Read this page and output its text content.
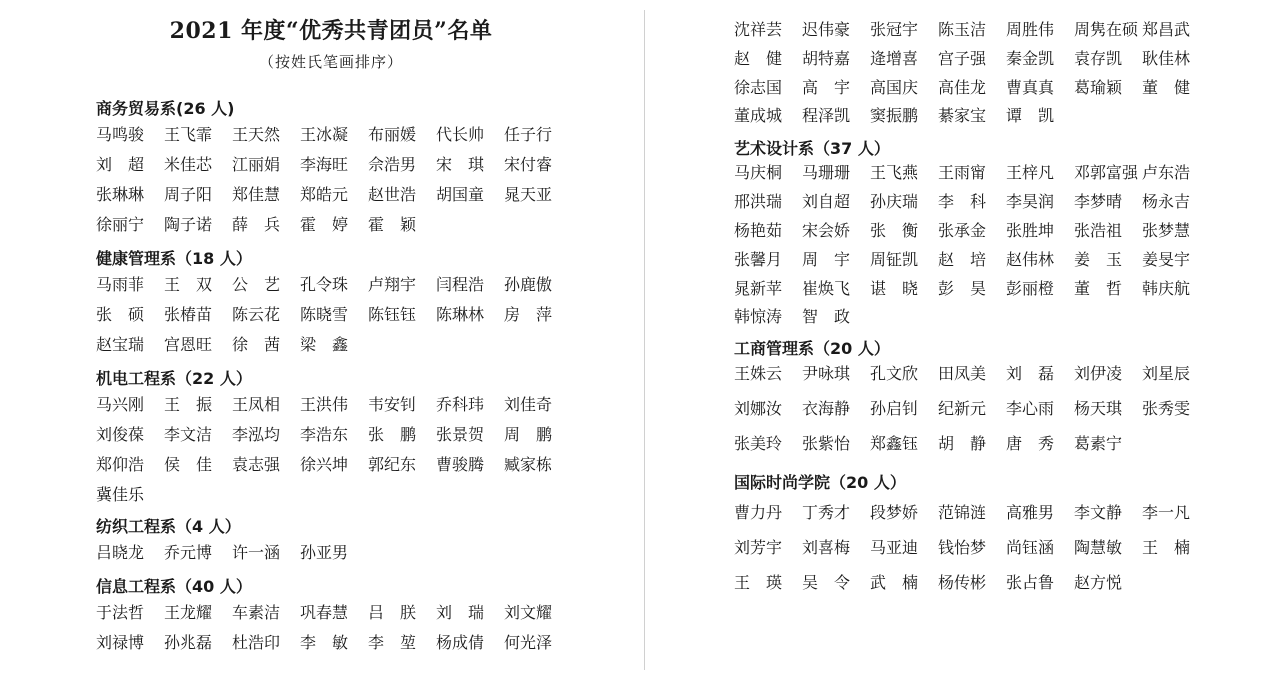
2021 年度“优秀共青团员”名单
（按姓氏笔画排序）
商务贸易系(26 人)
马鸣骏 王飞霏 王天然 王冰凝 布丽媛 代长帅 任子行
刘　超 米佳芯 江丽娟 李海旺 佘浩男 宋　琪 宋付睿
张琳琳 周子阳 郑佳慧 郑皓元 赵世浩 胡国童 晁天亚
徐丽宁 陶子诺 薛　兵 霍　婷 霍　颖
健康管理系（18 人）
马雨菲 王　双 公　艺 孔令珠 卢翔宇 闫程浩 孙鹿傲
张　硕 张椿苗 陈云花 陈晓雪 陈钰钰 陈琳林 房　萍
赵宝瑞 宫恩旺 徐　茜 梁　鑫
机电工程系（22 人）
马兴刚 王　振 王凤相 王洪伟 韦安钊 乔科玮 刘佳奇
刘俊葆 李文洁 李泓均 李浩东 张　鹏 张景贺 周　鹏
郑仰浩 侯　佳 袁志强 徐兴坤 郭纪东 曹骏腾 臧家栋
冀佳乐
纺织工程系（4 人）
吕晓龙 乔元博 许一涵 孙亚男
信息工程系（40 人）
于法哲 王龙耀 车素洁 巩春慧 吕　朕 刘　瑞 刘文耀
刘禄博 孙兆磊 杜浩印 李　敏 李　堃 杨成倩 何光泽
沈祥芸 迟伟豪 张冠宇 陈玉洁 周胜伟 周隽在硕 郑昌武
赵　健 胡特嘉 逄增喜 宫子强 秦金凯 袁存凯 耿佳林
徐志国 高　宇 高国庆 高佳龙 曹真真 葛瑜颖 董　健
董成城 程泽凯 窦振鹏 綦家宝 谭　凯
艺术设计系（37 人）
马庆桐 马珊珊 王飞燕 王雨甯 王梓凡 邓郭富强 卢东浩
邢洪瑞 刘自超 孙庆瑞 李　科 李昊润 李梦晴 杨永吉
杨艳茹 宋会娇 张　衡 张承金 张胜坤 张浩祖 张梦慧
张馨月 周　宇 周钲凯 赵　培 赵伟林 姜　玉 姜旻宇
晁新苹 崔焕飞 谌　晓 彭　昊 彭丽橙 董　哲 韩庆航
韩惊涛 智　政
工商管理系（20 人）
王姝云 尹咏琪 孔文欣 田凤美 刘　磊 刘伊凌 刘星辰
刘娜汝 衣海静 孙启钊 纪新元 李心雨 杨天琪 张秀雯
张美玲 张紫怡 郑鑫钰 胡　静 唐　秀 葛素宁
国际时尚学院（20 人）
曹力丹 丁秀才 段梦娇 范锦涟 高雅男 李文静 李一凡
刘芳宇 刘喜梅 马亚迪 钱怡梦 尚钰涵 陶慧敏 王　楠
王　瑛 吴　令 武　楠 杨传彬 张占鲁 赵方悦
